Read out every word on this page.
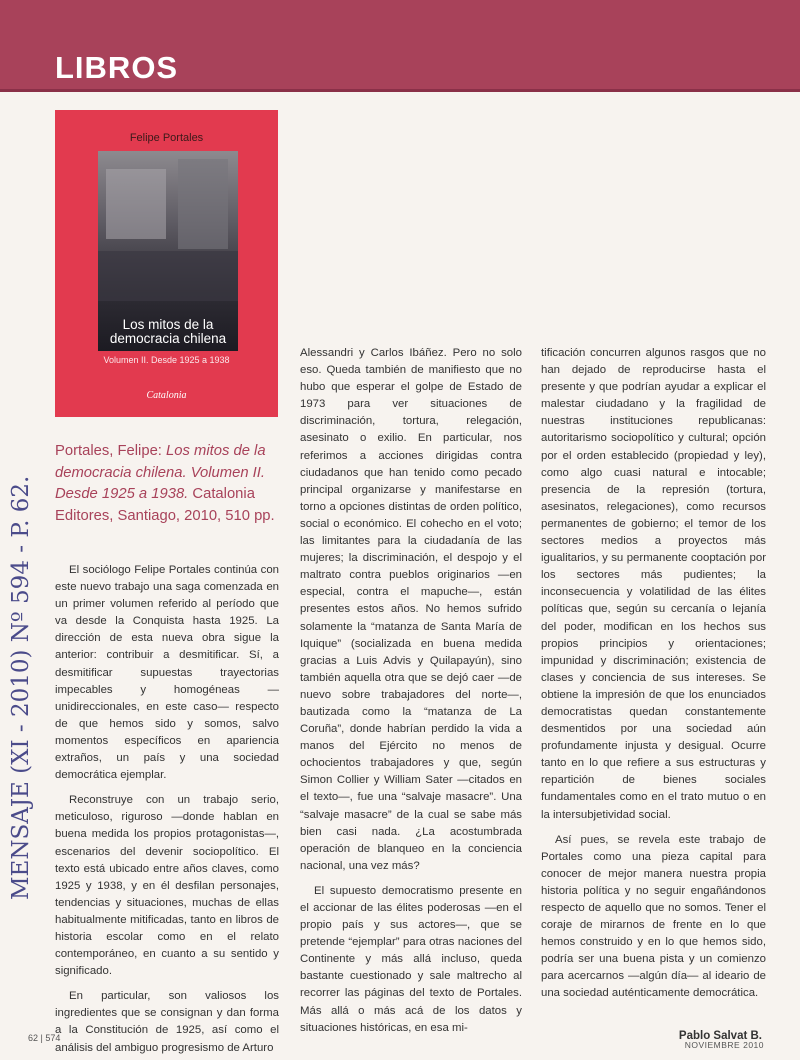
LIBROS
Felipe Portales
Los mitos de la democracia chilena
Volumen II. Desde 1925 a 1938
Catalonia

Portales, Felipe: Los mitos de la democracia chilena. Volumen II. Desde 1925 a 1938. Catalonia Editores, Santiago, 2010, 510 pp.

El sociólogo Felipe Portales continúa con este nuevo trabajo una saga comenzada en un primer volumen referido al período que va desde la Conquista hasta 1925. La dirección de esta nueva obra sigue la anterior: contribuir a desmitificar. Sí, a desmitificar supuestas trayectorias impecables y homogéneas —unidireccionales, en este caso— respecto de que hemos sido y somos, salvo momentos específicos en apariencia extraños, un país y una sociedad democrática ejemplar.

Reconstruye con un trabajo serio, meticuloso, riguroso —donde hablan en buena medida los propios protagonistas—, escenarios del devenir sociopolítico. El texto está ubicado entre años claves, como 1925 y 1938, y en él desfilan personajes, tendencias y situaciones, muchas de ellas habitualmente mitificadas, tanto en libros de historia escolar como en el relato contemporáneo, en cuanto a su sentido y significado.

En particular, son valiosos los ingredientes que se consignan y dan forma a la Constitución de 1925, así como el análisis del ambiguo progresismo de Arturo

Alessandri y Carlos Ibáñez. Pero no solo eso. Queda también de manifiesto que no hubo que esperar el golpe de Estado de 1973 para ver situaciones de discriminación, tortura, relegación, asesinato o exilio. En particular, nos referimos a acciones dirigidas contra ciudadanos que han tenido como pecado principal organizarse y manifestarse en torno a opciones distintas de orden político, social o económico. El cohecho en el voto; las limitantes para la ciudadanía de las mujeres; la discriminación, el despojo y el maltrato contra pueblos originarios —en especial, contra el mapuche—, están presentes estos años. No hemos sufrido solamente la “matanza de Santa María de Iquique” (socializada en buena medida gracias a Luis Advis y Quilapayún), sino también aquella otra que se dejó caer —de nuevo sobre trabajadores del norte—, bautizada como la “matanza de La Coruña”, donde habrían perdido la vida a manos del Ejército no menos de ochocientos trabajadores y que, según Simon Collier y William Sater —citados en el texto—, fue una “salvaje masacre”. Una “salvaje masacre” de la cual se sabe más bien casi nada. ¿La acostumbrada operación de blanqueo en la conciencia nacional, una vez más?

El supuesto democratismo presente en el accionar de las élites poderosas —en el propio país y sus actores—, que se pretende “ejemplar” para otras naciones del Continente y más allá incluso, queda bastante cuestionado y sale maltrecho al recorrer las páginas del texto de Portales. Más allá o más acá de los datos y situaciones históricas, en esa mi-

tificación concurren algunos rasgos que no han dejado de reproducirse hasta el presente y que podrían ayudar a explicar el malestar ciudadano y la fragilidad de nuestras instituciones republicanas: autoritarismo sociopolítico y cultural; opción por el orden establecido (propiedad y ley), como algo cuasi natural e intocable; presencia de la represión (tortura, asesinatos, relegaciones), como recursos permanentes de gobierno; el temor de los sectores medios a proyectos más igualitarios, y su permanente cooptación por los sectores más pudientes; la inconsecuencia y volatilidad de las élites políticas que, según su cercanía o lejanía del poder, modifican en los hechos sus propios principios y orientaciones; impunidad y discriminación; existencia de clases y conciencia de sus intereses. Se obtiene la impresión de que los enunciados democratistas quedan constantemente desmentidos por una sociedad aún profundamente injusta y desigual. Ocurre tanto en lo que refiere a sus estructuras y repartición de bienes sociales fundamentales como en el trato mutuo o en la intersubjetividad social.

Así pues, se revela este trabajo de Portales como una pieza capital para conocer de mejor manera nuestra propia historia política y no seguir engañándonos respecto de aquello que no somos. Tener el coraje de mirarnos de frente en lo que hemos construido y en lo que hemos sido, podría ser una buena pista y un comienzo para acercarnos —algún día— al ideario de una sociedad auténticamente democrática.

Pablo Salvat B.
62 | 574
NOVIEMBRE 2010
MENSAJE (XI - 2010) Nº 594 - P. 62.
